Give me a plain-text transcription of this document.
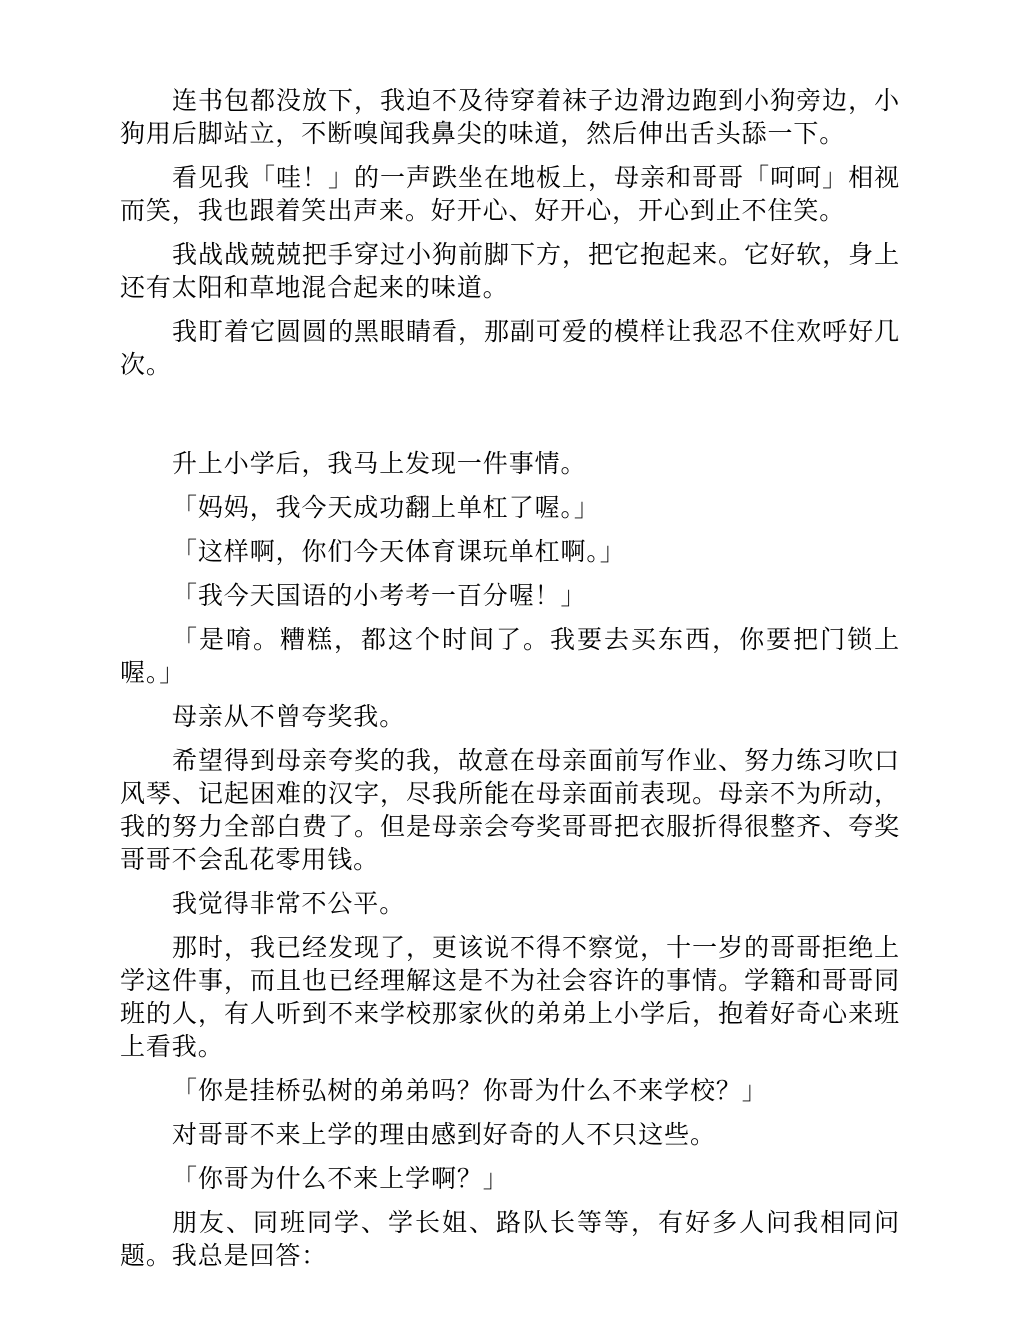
连书包都没放下，我迫不及待穿着袜子边滑边跑到小狗旁边，小狗用后脚站立，不断嗅闻我鼻尖的味道，然后伸出舌头舔一下。

看见我「哇！」的一声跌坐在地板上，母亲和哥哥「呵呵」相视而笑，我也跟着笑出声来。好开心、好开心，开心到止不住笑。

我战战兢兢把手穿过小狗前脚下方，把它抱起来。它好软，身上还有太阳和草地混合起来的味道。

我盯着它圆圆的黑眼睛看，那副可爱的模样让我忍不住欢呼好几次。

升上小学后，我马上发现一件事情。

「妈妈，我今天成功翻上单杠了喔。」

「这样啊，你们今天体育课玩单杠啊。」

「我今天国语的小考考一百分喔！」

「是唷。糟糕，都这个时间了。我要去买东西，你要把门锁上喔。」

母亲从不曾夸奖我。

希望得到母亲夸奖的我，故意在母亲面前写作业、努力练习吹口风琴、记起困难的汉字，尽我所能在母亲面前表现。母亲不为所动，我的努力全部白费了。但是母亲会夸奖哥哥把衣服折得很整齐、夸奖哥哥不会乱花零用钱。

我觉得非常不公平。

那时，我已经发现了，更该说不得不察觉，十一岁的哥哥拒绝上学这件事，而且也已经理解这是不为社会容许的事情。学籍和哥哥同班的人，有人听到不来学校那家伙的弟弟上小学后，抱着好奇心来班上看我。

「你是挂桥弘树的弟弟吗？你哥为什么不来学校？」

对哥哥不来上学的理由感到好奇的人不只这些。

「你哥为什么不来上学啊？」

朋友、同班同学、学长姐、路队长等等，有好多人问我相同问题。我总是回答：
